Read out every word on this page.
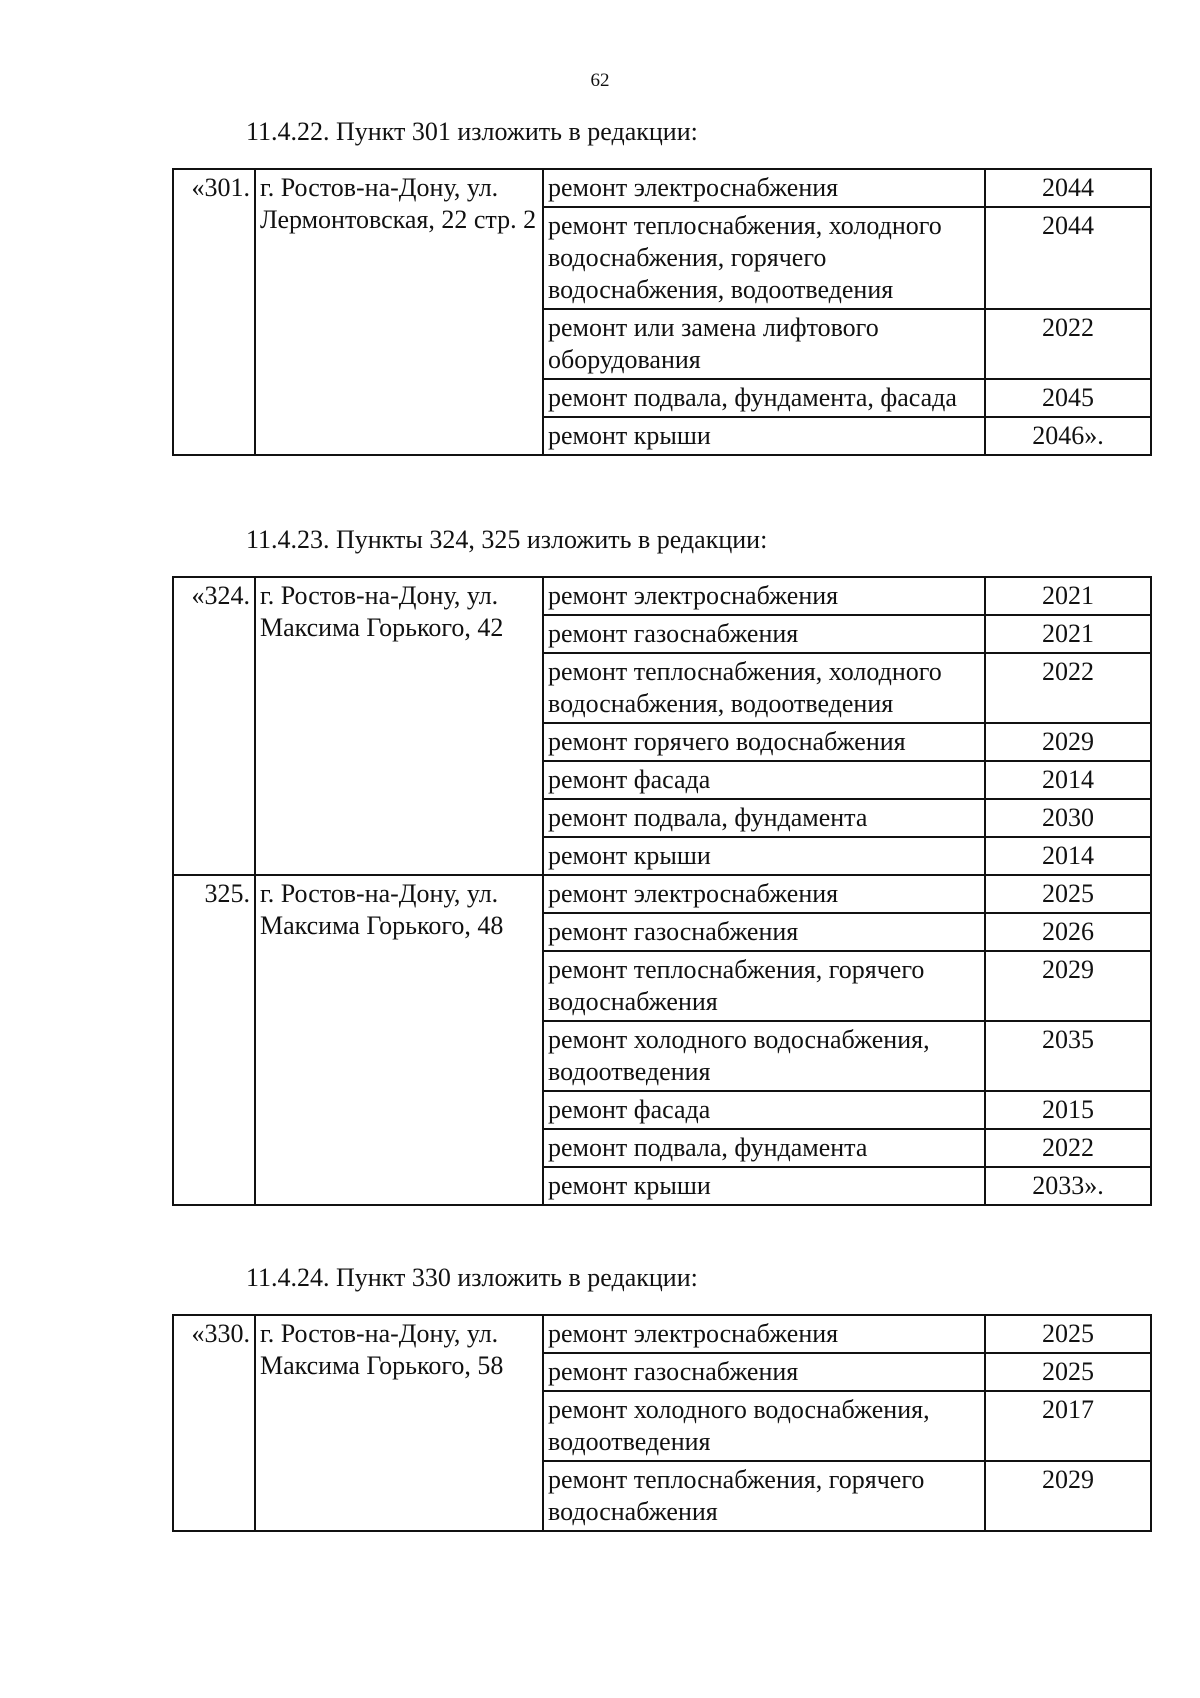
62
11.4.22. Пункт 301 изложить в редакции:
«301.	г. Ростов-на-Дону, ул. Лермонтовская, 22 стр. 2	ремонт электроснабжения	2044
		ремонт теплоснабжения, холодного водоснабжения, горячего водоснабжения, водоотведения	2044
		ремонт или замена лифтового оборудования	2022
		ремонт подвала, фундамента, фасада	2045
		ремонт крыши	2046».
11.4.23. Пункты 324, 325 изложить в редакции:
«324.	г. Ростов-на-Дону, ул. Максима Горького, 42	ремонт электроснабжения	2021
		ремонт газоснабжения	2021
		ремонт теплоснабжения, холодного водоснабжения, водоотведения	2022
		ремонт горячего водоснабжения	2029
		ремонт фасада	2014
		ремонт подвала, фундамента	2030
		ремонт крыши	2014
325.	г. Ростов-на-Дону, ул. Максима Горького, 48	ремонт электроснабжения	2025
		ремонт газоснабжения	2026
		ремонт теплоснабжения, горячего водоснабжения	2029
		ремонт холодного водоснабжения, водоотведения	2035
		ремонт фасада	2015
		ремонт подвала, фундамента	2022
		ремонт крыши	2033».
11.4.24. Пункт 330 изложить в редакции:
«330.	г. Ростов-на-Дону, ул. Максима Горького, 58	ремонт электроснабжения	2025
		ремонт газоснабжения	2025
		ремонт холодного водоснабжения, водоотведения	2017
		ремонт теплоснабжения, горячего водоснабжения	2029
